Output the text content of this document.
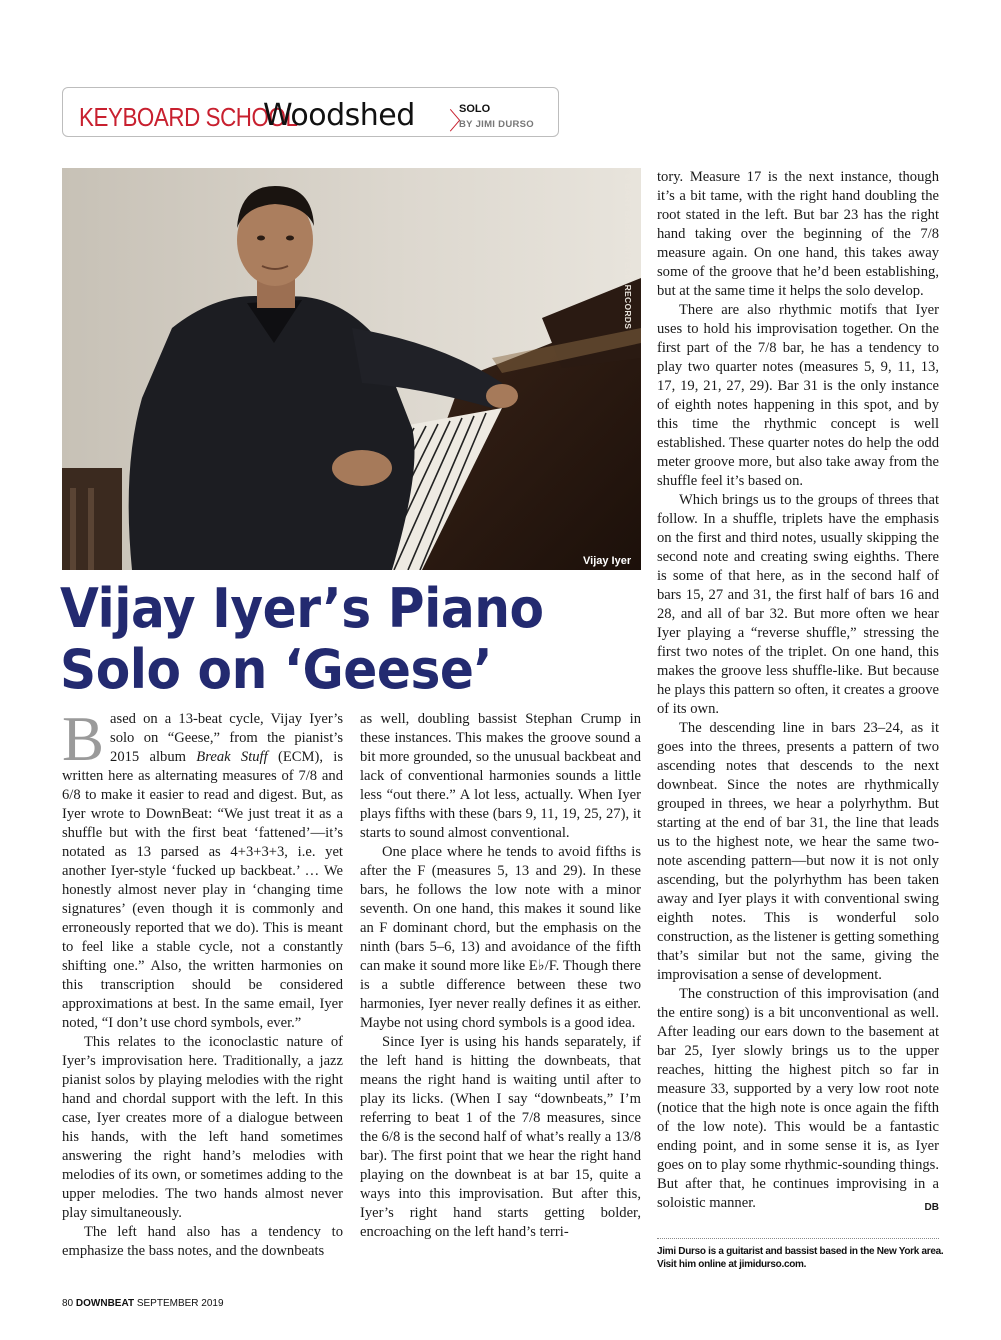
KEYBOARD SCHOOL
Woodshed 〉
SOLO
BY JIMI DURSO
© BART BABINSKI / ECM RECORDS
Vijay Iyer
Vijay Iyer’s Piano
Solo on ‘Geese’

Based on a 13-beat cycle, Vijay Iyer’s solo on “Geese,” from the pianist’s 2015 album Break Stuff (ECM), is written here as alternating measures of 7/8 and 6/8 to make it easier to read and digest. But, as Iyer wrote to DownBeat: “We just treat it as a shuffle but with the first beat ‘fattened’—it’s notated as 13 parsed as 4+3+3+3, i.e. yet another Iyer-style ‘fucked up backbeat.’ … We honestly almost never play in ‘changing time signatures’ (even though it is commonly and erroneously reported that we do). This is meant to feel like a stable cycle, not a constantly shifting one.” Also, the written harmonies on this transcription should be considered approximations at best. In the same email, Iyer noted, “I don’t use chord symbols, ever.”

This relates to the iconoclastic nature of Iyer’s improvisation here. Traditionally, a jazz pianist solos by playing melodies with the right hand and chordal support with the left. In this case, Iyer creates more of a dialogue between his hands, with the left hand sometimes answering the right hand’s melodies with melodies of its own, or sometimes adding to the upper melodies. The two hands almost never play simultaneously.

The left hand also has a tendency to emphasize the bass notes, and the downbeats

as well, doubling bassist Stephan Crump in these instances. This makes the groove sound a bit more grounded, so the unusual backbeat and lack of conventional harmonies sounds a little less “out there.” A lot less, actually. When Iyer plays fifths with these (bars 9, 11, 19, 25, 27), it starts to sound almost conventional.

One place where he tends to avoid fifths is after the F (measures 5, 13 and 29). In these bars, he follows the low note with a minor seventh. On one hand, this makes it sound like an F dominant chord, but the emphasis on the ninth (bars 5–6, 13) and avoidance of the fifth can make it sound more like E♭/F. Though there is a subtle difference between these two harmonies, Iyer never really defines it as either. Maybe not using chord symbols is a good idea.

Since Iyer is using his hands separately, if the left hand is hitting the downbeats, that means the right hand is waiting until after to play its licks. (When I say “downbeats,” I’m referring to beat 1 of the 7/8 measures, since the 6/8 is the second half of what’s really a 13/8 bar). The first point that we hear the right hand playing on the downbeat is at bar 15, quite a ways into this improvisation. But after this, Iyer’s right hand starts getting bolder, encroaching on the left hand’s terri-

tory. Measure 17 is the next instance, though it’s a bit tame, with the right hand doubling the root stated in the left. But bar 23 has the right hand taking over the beginning of the 7/8 measure again. On one hand, this takes away some of the groove that he’d been establishing, but at the same time it helps the solo develop.

There are also rhythmic motifs that Iyer uses to hold his improvisation together. On the first part of the 7/8 bar, he has a tendency to play two quarter notes (measures 5, 9, 11, 13, 17, 19, 21, 27, 29). Bar 31 is the only instance of eighth notes happening in this spot, and by this time the rhythmic concept is well established. These quarter notes do help the odd meter groove more, but also take away from the shuffle feel it’s based on.

Which brings us to the groups of threes that follow. In a shuffle, triplets have the emphasis on the first and third notes, usually skipping the second note and creating swing eighths. There is some of that here, as in the second half of bars 15, 27 and 31, the first half of bars 16 and 28, and all of bar 32. But more often we hear Iyer playing a “reverse shuffle,” stressing the first two notes of the triplet. On one hand, this makes the groove less shuffle-like. But because he plays this pattern so often, it creates a groove of its own.

The descending line in bars 23–24, as it goes into the threes, presents a pattern of two ascending notes that descends to the next downbeat. Since the notes are rhythmically grouped in threes, we hear a polyrhythm. But starting at the end of bar 31, the line that leads us to the highest note, we hear the same two-note ascending pattern—but now it is not only ascending, but the polyrhythm has been taken away and Iyer plays it with conventional swing eighth notes. This is wonderful solo construction, as the listener is getting something that’s similar but not the same, giving the improvisation a sense of development.

The construction of this improvisation (and the entire song) is a bit unconventional as well. After leading our ears down to the basement at bar 25, Iyer slowly brings us to the upper reaches, hitting the highest pitch so far in measure 33, supported by a very low root note (notice that the high note is once again the fifth of the low note). This would be a fantastic ending point, and in some sense it is, as Iyer goes on to play some rhythmic-sounding things. But after that, he continues improvising in a soloistic manner.	DB

Jimi Durso is a guitarist and bassist based in the New York area.
Visit him online at jimidurso.com.
80 DOWNBEAT SEPTEMBER 2019
